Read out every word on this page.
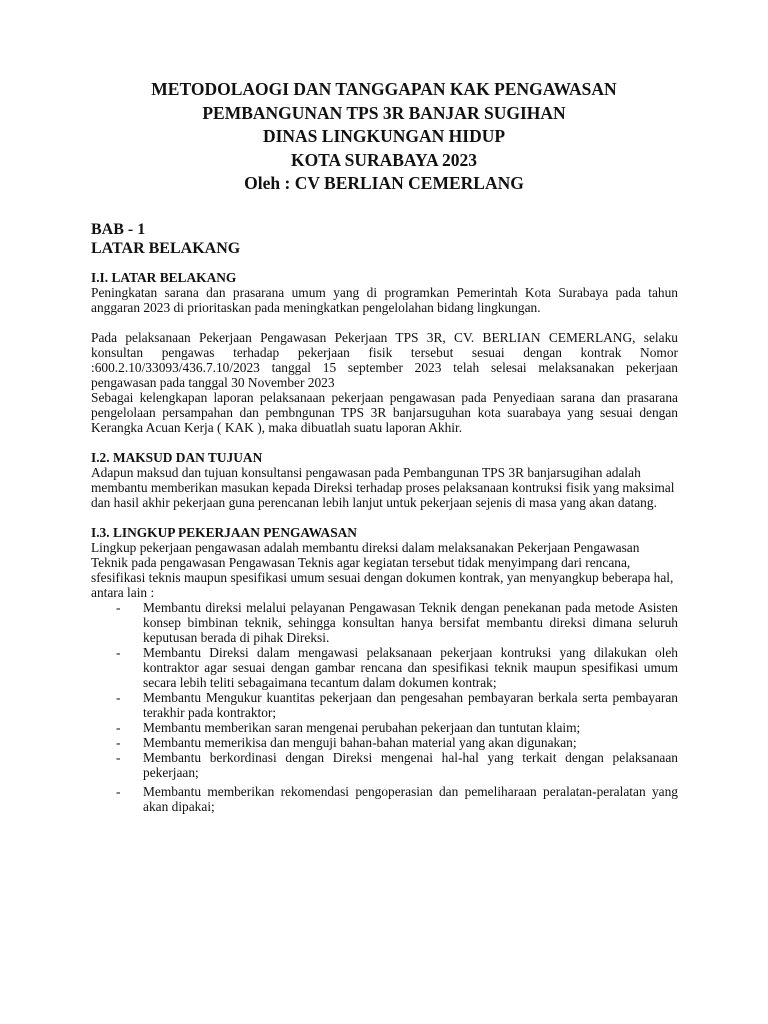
METODOLAOGI DAN TANGGAPAN KAK PENGAWASAN
PEMBANGUNAN TPS 3R BANJAR SUGIHAN
DINAS LINGKUNGAN HIDUP
KOTA SURABAYA 2023
Oleh : CV BERLIAN CEMERLANG
BAB - 1
LATAR BELAKANG
I.I. LATAR BELAKANG

Peningkatan sarana dan prasarana umum yang di programkan Pemerintah Kota Surabaya pada tahun anggaran 2023 di prioritaskan pada meningkatkan pengelolahan bidang lingkungan.

Pada pelaksanaan Pekerjaan Pengawasan Pekerjaan TPS 3R, CV. BERLIAN CEMERLANG, selaku konsultan pengawas terhadap pekerjaan fisik tersebut sesuai dengan kontrak Nomor :600.2.10/33093/436.7.10/2023 tanggal 15 september 2023 telah selesai melaksanakan pekerjaan pengawasan pada tanggal 30 November 2023

Sebagai kelengkapan laporan pelaksanaan pekerjaan pengawasan pada Penyediaan sarana dan prasarana pengelolaan persampahan dan pembngunan TPS 3R banjarsuguhan kota suarabaya yang sesuai dengan Kerangka Acuan Kerja ( KAK ), maka dibuatlah suatu laporan Akhir.

I.2. MAKSUD DAN TUJUAN

Adapun maksud dan tujuan konsultansi pengawasan pada Pembangunan TPS 3R banjarsugihan adalah membantu memberikan masukan kepada Direksi terhadap proses pelaksanaan kontruksi fisik yang maksimal dan hasil akhir pekerjaan guna perencanan lebih lanjut untuk pekerjaan sejenis di masa yang akan datang.

I.3. LINGKUP PEKERJAAN PENGAWASAN

Lingkup pekerjaan pengawasan adalah membantu direksi dalam melaksanakan Pekerjaan Pengawasan Teknik pada pengawasan Pengawasan Teknis agar kegiatan tersebut tidak menyimpang dari rencana, sfesifikasi teknis maupun spesifikasi umum sesuai dengan dokumen kontrak, yan menyangkup beberapa hal, antara lain :

- Membantu direksi melalui pelayanan Pengawasan Teknik dengan penekanan pada metode Asisten konsep bimbinan teknik, sehingga konsultan hanya bersifat membantu direksi dimana seluruh keputusan berada di pihak Direksi.
- Membantu Direksi dalam mengawasi pelaksanaan pekerjaan kontruksi yang dilakukan oleh kontraktor agar sesuai dengan gambar rencana dan spesifikasi teknik maupun spesifikasi umum secara lebih teliti sebagaimana tecantum dalam dokumen kontrak;
- Membantu Mengukur kuantitas pekerjaan dan pengesahan pembayaran berkala serta pembayaran terakhir pada kontraktor;
- Membantu memberikan saran mengenai perubahan pekerjaan dan tuntutan klaim;
- Membantu memerikisa dan menguji bahan-bahan material yang akan digunakan;
- Membantu berkordinasi dengan Direksi mengenai hal-hal yang terkait dengan pelaksanaan pekerjaan;
- Membantu memberikan rekomendasi pengoperasian dan pemeliharaan peralatan-peralatan yang akan dipakai;
